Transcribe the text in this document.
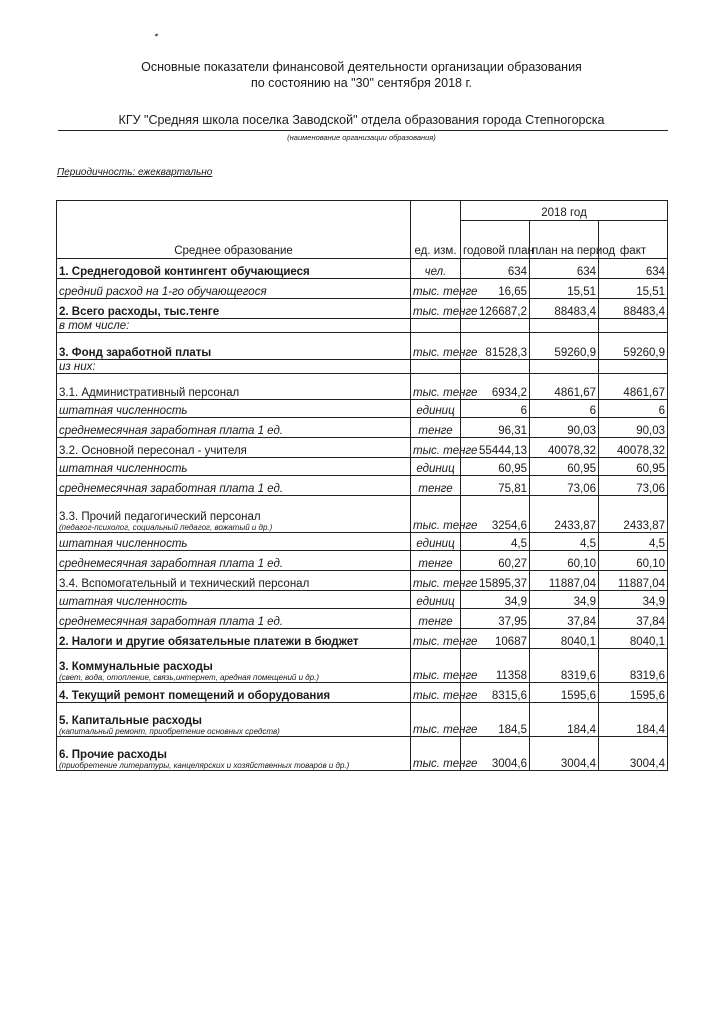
Основные показатели финансовой деятельности организации образования
по состоянию на "30" сентября 2018 г.
КГУ "Средняя школа поселка Заводской" отдела образования города Степногорска
(наименование организации образования)
Периодичность: ежеквартально
Среднее образование	ед. изм.	2018 год		
		годовой план	план на период	факт
1. Среднегодовой контингент обучающиеся	чел.	634	634	634
средний расход на 1-го обучающегося	тыс. тенге	16,65	15,51	15,51
2. Всего расходы, тыс.тенге	тыс. тенге	126687,2	88483,4	88483,4
в том числе:				
3. Фонд заработной платы	тыс. тенге	81528,3	59260,9	59260,9
из них:				
3.1. Административный персонал	тыс. тенге	6934,2	4861,67	4861,67
штатная численность	единиц	6	6	6
среднемесячная заработная плата 1 ед.	тенге	96,31	90,03	90,03
3.2. Основной пересонал - учителя	тыс. тенге	55444,13	40078,32	40078,32
штатная численность	единиц	60,95	60,95	60,95
среднемесячная заработная плата 1 ед.	тенге	75,81	73,06	73,06
3.3. Прочий педагогический персонал
(педагог-психолог, социальный педагог, вожатый и др.)	тыс. тенге	3254,6	2433,87	2433,87
штатная численность	единиц	4,5	4,5	4,5
среднемесячная заработная плата 1 ед.	тенге	60,27	60,10	60,10
3.4. Вспомогательный и технический персонал	тыс. тенге	15895,37	11887,04	11887,04
штатная численность	единиц	34,9	34,9	34,9
среднемесячная заработная плата 1 ед.	тенге	37,95	37,84	37,84
2. Налоги и другие обязательные платежи в бюджет	тыс. тенге	10687	8040,1	8040,1
3. Коммунальные расходы
(свет, вода, отопление, связь,интернет, аредная помещений и др.)	тыс. тенге	11358	8319,6	8319,6
4. Текущий ремонт помещений и оборудования	тыс. тенге	8315,6	1595,6	1595,6
5. Капитальные расходы
(капитальный ремонт, приобретение основных средств)	тыс. тенге	184,5	184,4	184,4
6. Прочие расходы
(приобретение литературы, канцелярских и хозяйственных товаров и др.)	тыс. тенге	3004,6	3004,4	3004,4
